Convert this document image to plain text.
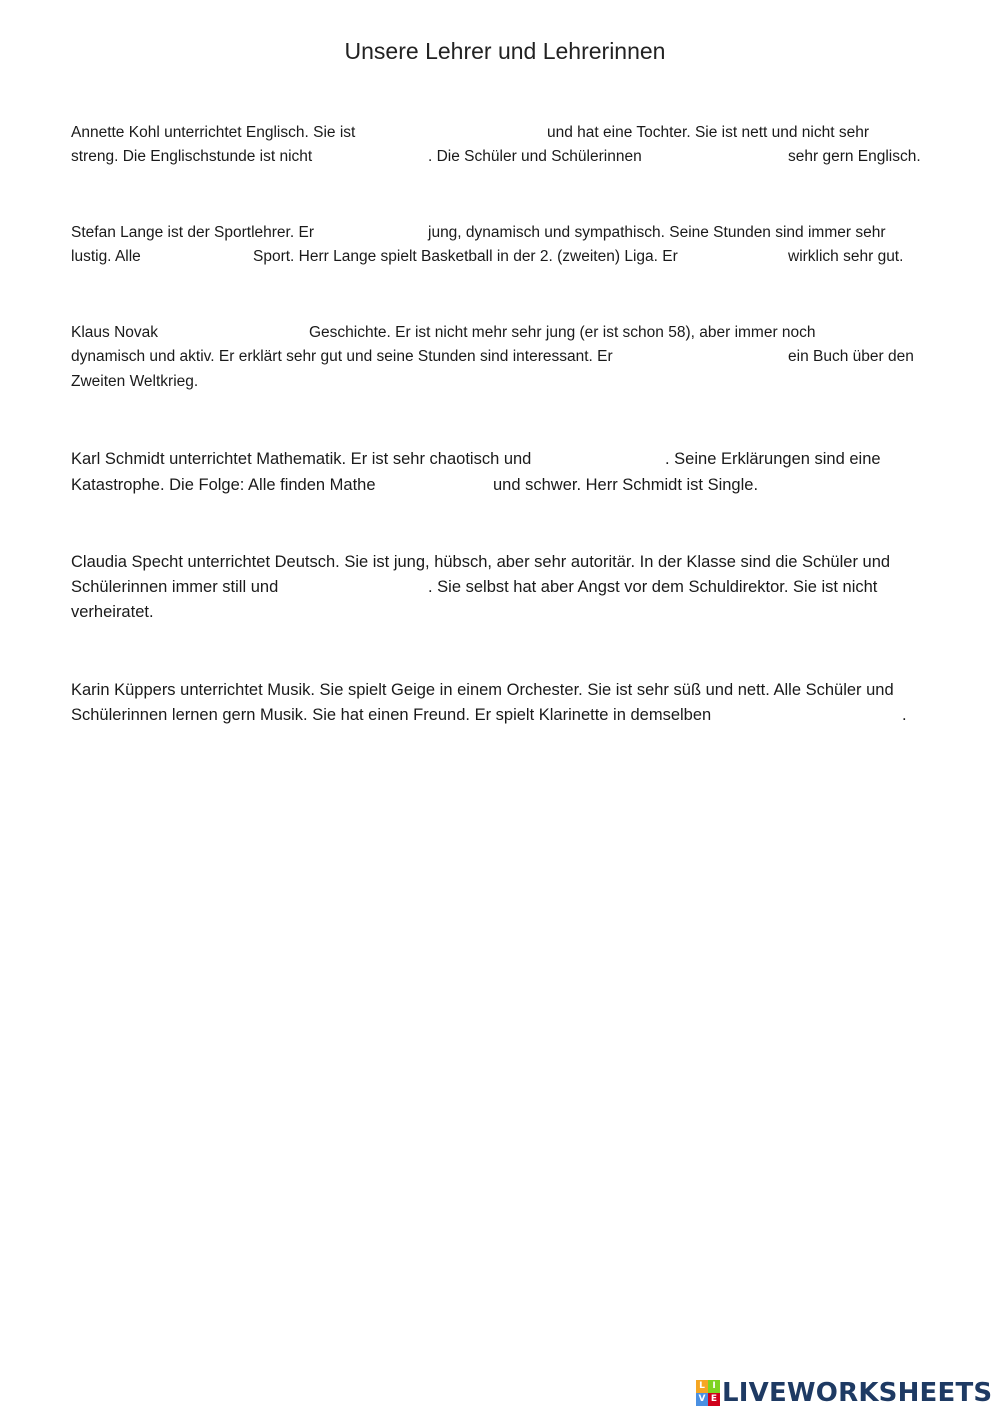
Unsere Lehrer und Lehrerinnen
Annette Kohl unterrichtet Englisch. Sie ist	und hat eine Tochter. Sie ist nett und nicht sehr
streng. Die Englischstunde ist nicht	. Die Schüler und Schülerinnen	sehr gern Englisch.
Stefan Lange ist der Sportlehrer. Er	jung, dynamisch und sympathisch. Seine Stunden sind immer sehr
lustig. Alle	Sport. Herr Lange spielt Basketball in der 2. (zweiten) Liga. Er	wirklich sehr gut.
Klaus Novak	Geschichte. Er ist nicht mehr sehr jung (er ist schon 58), aber immer noch
dynamisch und aktiv. Er erklärt sehr gut und seine Stunden sind interessant. Er	ein Buch über den
Zweiten Weltkrieg.
Karl Schmidt unterrichtet Mathematik. Er ist sehr chaotisch und	. Seine Erklärungen sind eine
Katastrophe. Die Folge: Alle finden Mathe	und schwer. Herr Schmidt ist Single.
Claudia Specht unterrichtet Deutsch. Sie ist jung, hübsch, aber sehr autoritär. In der Klasse sind die Schüler und
Schülerinnen immer still und	. Sie selbst hat aber Angst vor dem Schuldirektor. Sie ist nicht
verheiratet.
Karin Küppers unterrichtet Musik. Sie spielt Geige in einem Orchester. Sie ist sehr süß und nett. Alle Schüler und
Schülerinnen lernen gern Musik. Sie hat einen Freund. Er spielt Klarinette in demselben	.
L I
V E LIVEWORKSHEETS
